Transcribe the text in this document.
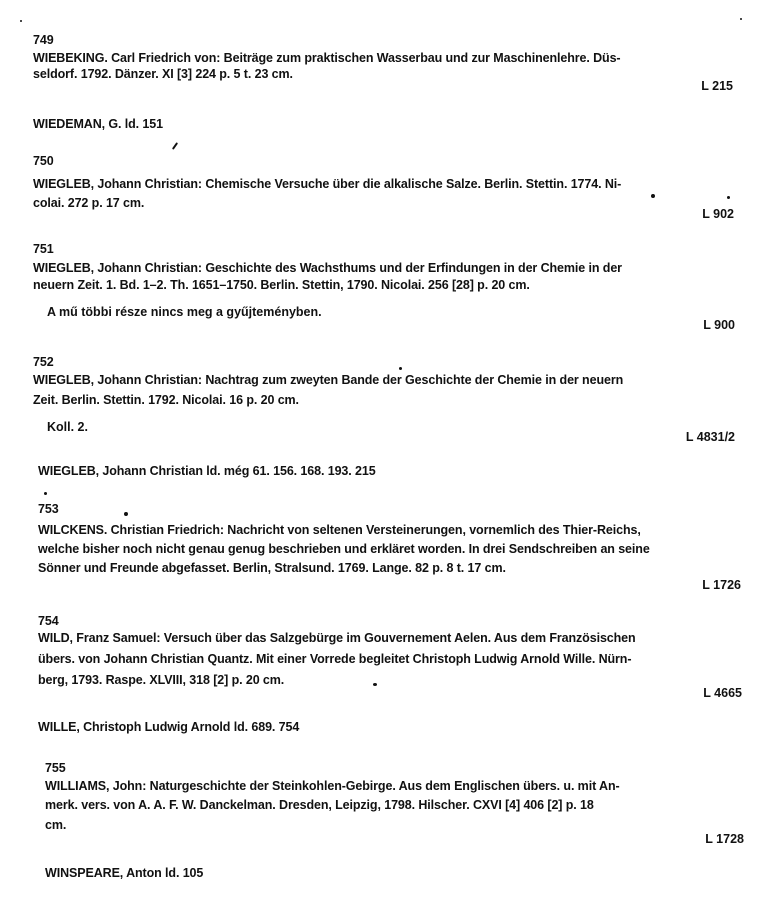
749
WIEBEKING. Carl Friedrich von: Beiträge zum praktischen Wasserbau und zur Maschinenlehre. Düs-
seldorf. 1792. Dänzer. XI [3] 224 p. 5 t. 23 cm.
L 215
WIEDEMAN, G. ld. 151
750
WIEGLEB, Johann Christian: Chemische Versuche über die alkalische Salze. Berlin. Stettin. 1774. Ni-
colai. 272 p. 17 cm.
L 902
751
WIEGLEB, Johann Christian: Geschichte des Wachsthums und der Erfindungen in der Chemie in der
neuern Zeit. 1. Bd. 1–2. Th. 1651–1750. Berlin. Stettin, 1790. Nicolai. 256 [28] p. 20 cm.
A mű többi része nincs meg a gyűjteményben.
L 900
752
WIEGLEB, Johann Christian: Nachtrag zum zweyten Bande der Geschichte der Chemie in der neuern
Zeit. Berlin. Stettin. 1792. Nicolai. 16 p. 20 cm.
Koll. 2.
L 4831/2
WIEGLEB, Johann Christian ld. még 61. 156. 168. 193. 215
753
WILCKENS. Christian Friedrich: Nachricht von seltenen Versteinerungen, vornemlich des Thier-Reichs,
welche bisher noch nicht genau genug beschrieben und erkläret worden. In drei Sendschreiben an seine
Sönner und Freunde abgefasset. Berlin, Stralsund. 1769. Lange. 82 p. 8 t. 17 cm.
L 1726
754
WILD, Franz Samuel: Versuch über das Salzgebürge im Gouvernement Aelen. Aus dem Französischen
übers. von Johann Christian Quantz. Mit einer Vorrede begleitet Christoph Ludwig Arnold Wille. Nürn-
berg, 1793. Raspe. XLVIII, 318 [2] p. 20 cm.
L 4665
WILLE, Christoph Ludwig Arnold ld. 689. 754
755
WILLIAMS, John: Naturgeschichte der Steinkohlen-Gebirge. Aus dem Englischen übers. u. mit An-
merk. vers. von A. A. F. W. Danckelman. Dresden, Leipzig, 1798. Hilscher. CXVI [4] 406 [2] p. 18
cm.
L 1728
WINSPEARE, Anton ld. 105
